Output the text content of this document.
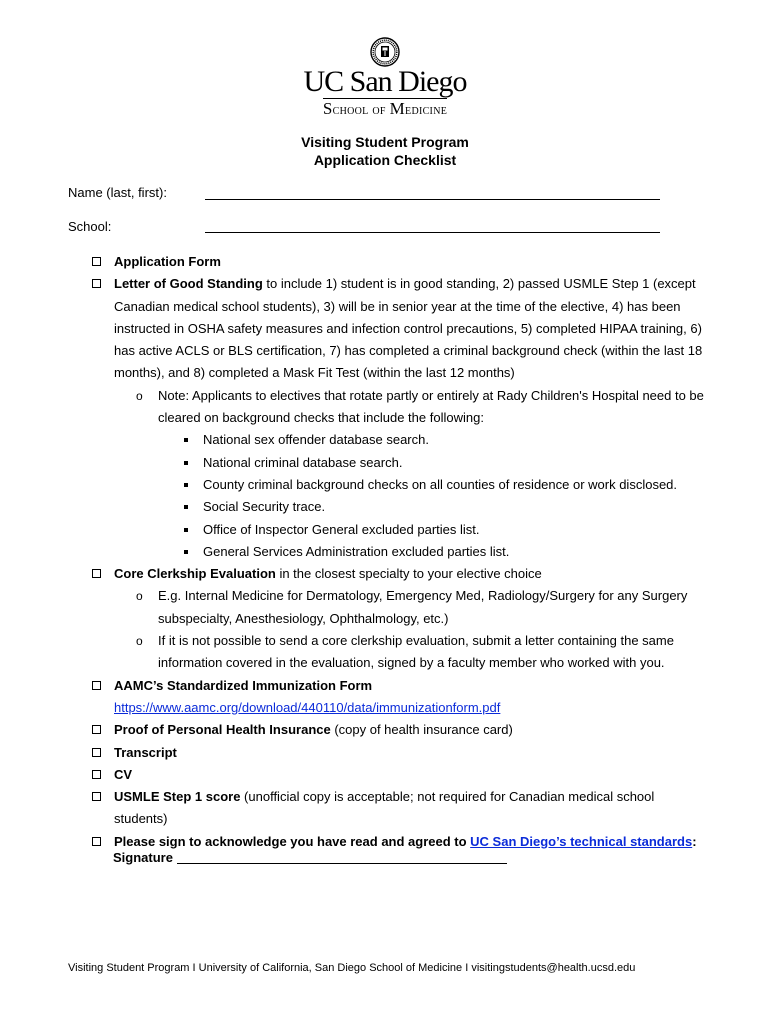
UC San Diego
SCHOOL OF MEDICINE
Visiting Student Program
Application Checklist
Name (last, first):
School:
Application Form
Letter of Good Standing to include 1) student is in good standing, 2) passed USMLE Step 1 (except Canadian medical school students), 3) will be in senior year at the time of the elective, 4) has been instructed in OSHA safety measures and infection control precautions, 5) completed HIPAA training, 6) has active ACLS or BLS certification, 7) has completed a criminal background check (within the last 18 months), and 8) completed a Mask Fit Test (within the last 12 months)
o Note: Applicants to electives that rotate partly or entirely at Rady Children's Hospital need to be cleared on background checks that include the following:
National sex offender database search.
National criminal database search.
County criminal background checks on all counties of residence or work disclosed.
Social Security trace.
Office of Inspector General excluded parties list.
General Services Administration excluded parties list.
Core Clerkship Evaluation in the closest specialty to your elective choice
o E.g. Internal Medicine for Dermatology, Emergency Med, Radiology/Surgery for any Surgery subspecialty, Anesthesiology, Ophthalmology, etc.)
o If it is not possible to send a core clerkship evaluation, submit a letter containing the same information covered in the evaluation, signed by a faculty member who worked with you.
AAMC’s Standardized Immunization Form
https://www.aamc.org/download/440110/data/immunizationform.pdf
Proof of Personal Health Insurance (copy of health insurance card)
Transcript
CV
USMLE Step 1 score (unofficial copy is acceptable; not required for Canadian medical school students)
Please sign to acknowledge you have read and agreed to UC San Diego’s technical standards:
Signature
Visiting Student Program I University of California, San Diego School of Medicine I visitingstudents@health.ucsd.edu
